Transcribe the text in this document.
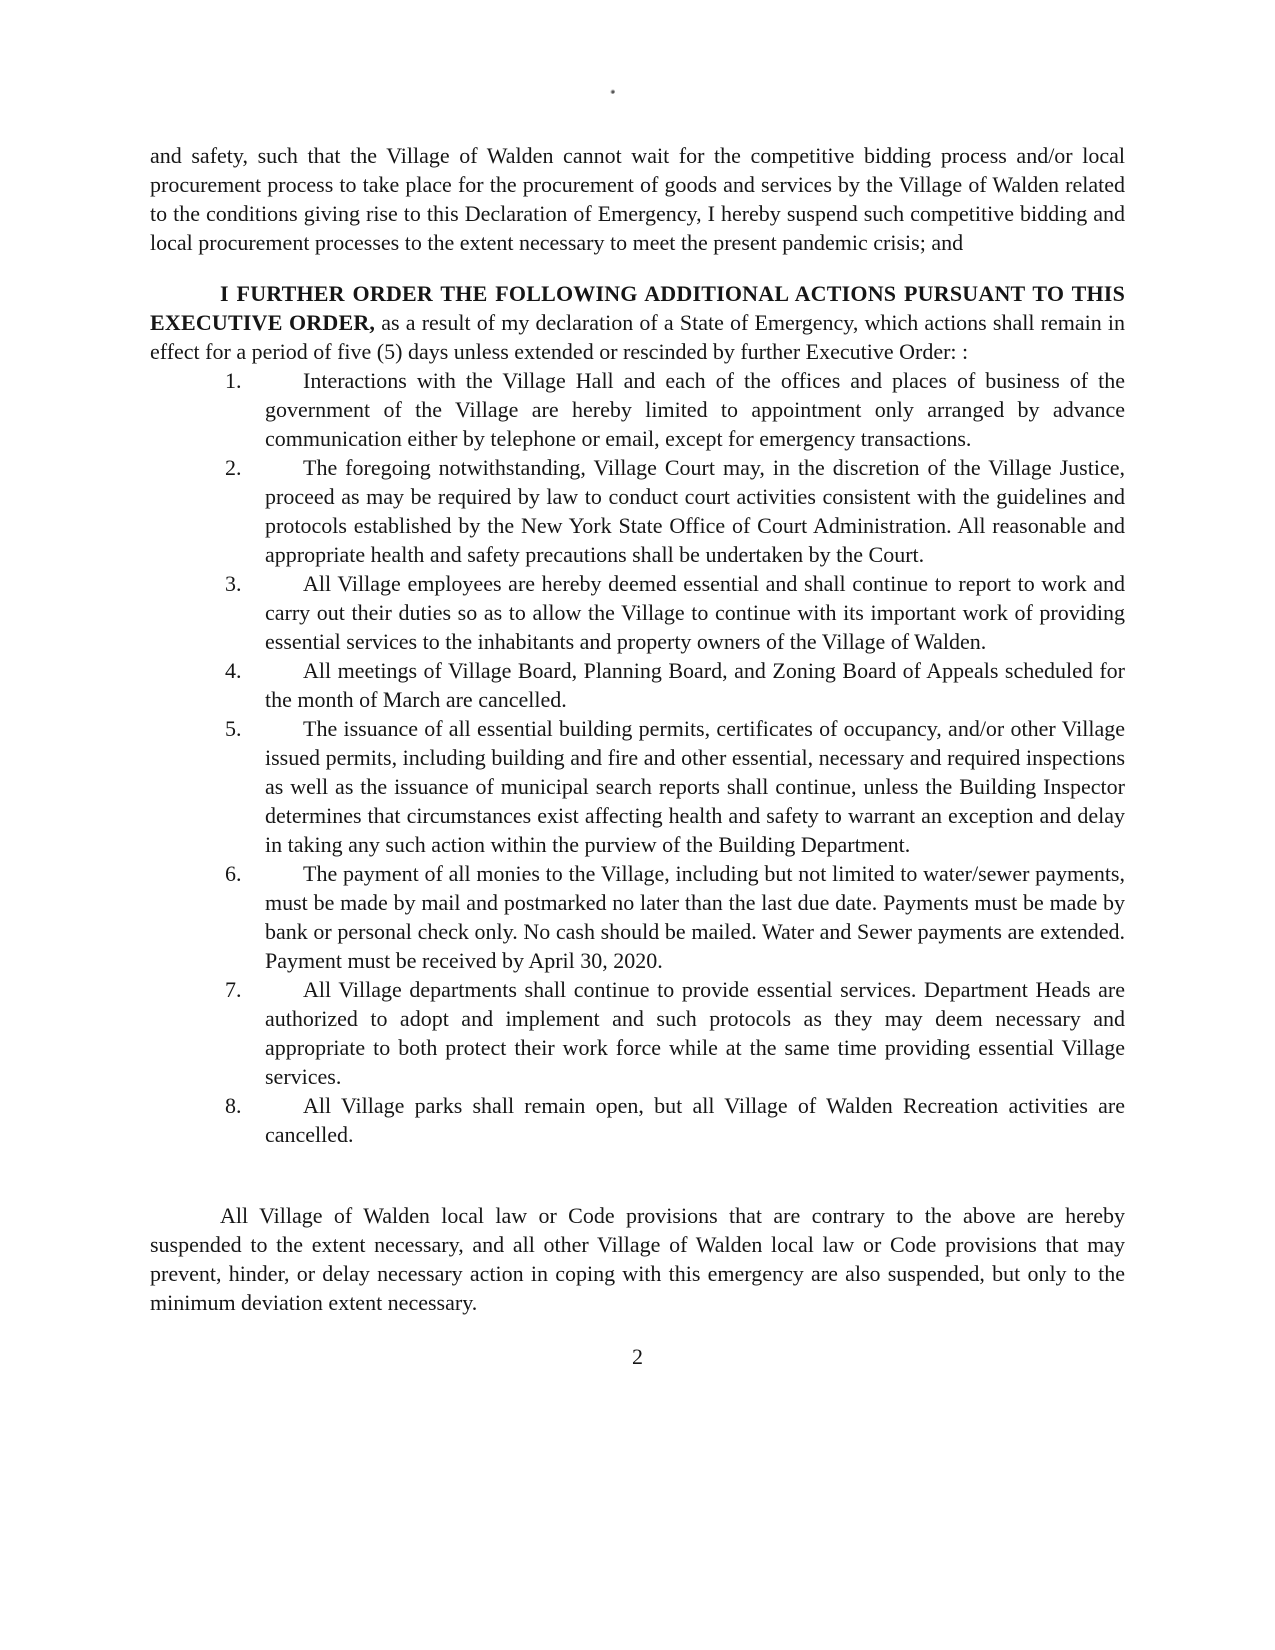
and safety, such that the Village of Walden cannot wait for the competitive bidding process and/or local procurement process to take place for the procurement of goods and services by the Village of Walden related to the conditions giving rise to this Declaration of Emergency, I hereby suspend such competitive bidding and local procurement processes to the extent necessary to meet the present pandemic crisis; and

I FURTHER ORDER THE FOLLOWING ADDITIONAL ACTIONS PURSUANT TO THIS EXECUTIVE ORDER, as a result of my declaration of a State of Emergency, which actions shall remain in effect for a period of five (5) days unless extended or rescinded by further Executive Order: :

1.	Interactions with the Village Hall and each of the offices and places of business of the government of the Village are hereby limited to appointment only arranged by advance communication either by telephone or email, except for emergency transactions.
2.	The foregoing notwithstanding, Village Court may, in the discretion of the Village Justice, proceed as may be required by law to conduct court activities consistent with the guidelines and protocols established by the New York State Office of Court Administration. All reasonable and appropriate health and safety precautions shall be undertaken by the Court.
3.	All Village employees are hereby deemed essential and shall continue to report to work and carry out their duties so as to allow the Village to continue with its important work of providing essential services to the inhabitants and property owners of the Village of Walden.
4.	All meetings of Village Board, Planning Board, and Zoning Board of Appeals scheduled for the month of March are cancelled.
5.	The issuance of all essential building permits, certificates of occupancy, and/or other Village issued permits, including building and fire and other essential, necessary and required inspections as well as the issuance of municipal search reports shall continue, unless the Building Inspector determines that circumstances exist affecting health and safety to warrant an exception and delay in taking any such action within the purview of the Building Department.
6.	The payment of all monies to the Village, including but not limited to water/sewer payments, must be made by mail and postmarked no later than the last due date. Payments must be made by bank or personal check only. No cash should be mailed. Water and Sewer payments are extended. Payment must be received by April 30, 2020.
7.	All Village departments shall continue to provide essential services. Department Heads are authorized to adopt and implement and such protocols as they may deem necessary and appropriate to both protect their work force while at the same time providing essential Village services.
8.	All Village parks shall remain open, but all Village of Walden Recreation activities are cancelled.

All Village of Walden local law or Code provisions that are contrary to the above are hereby suspended to the extent necessary, and all other Village of Walden local law or Code provisions that may prevent, hinder, or delay necessary action in coping with this emergency are also suspended, but only to the minimum deviation extent necessary.

2
